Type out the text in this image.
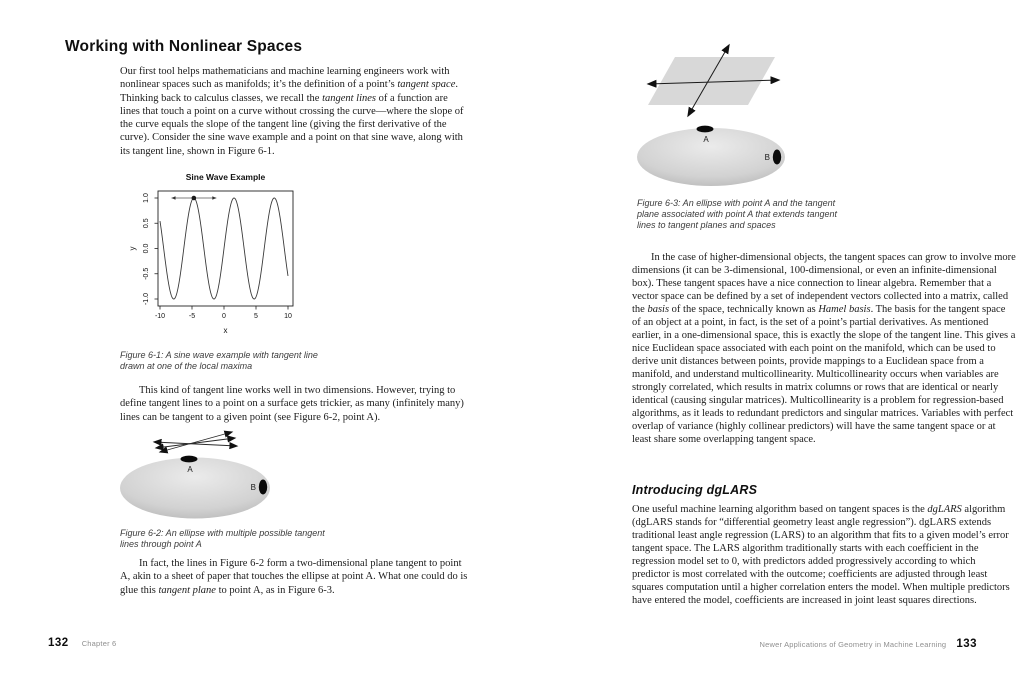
Working with Nonlinear Spaces

Our first tool helps mathematicians and machine learning engineers work with nonlinear spaces such as manifolds; it’s the definition of a point’s tangent space. Thinking back to calculus classes, we recall the tangent lines of a function are lines that touch a point on a curve without crossing the curve—where the slope of the curve equals the slope of the tangent line (giving the first derivative of the curve). Consider the sine wave example and a point on that sine wave, along with its tangent line, shown in Figure 6-1.

Sine Wave Example
-10	-5	0	5	10
-1.0
-0.5
0.0
0.5
1.0
x
y

Figure 6-1: A sine wave example with tangent line drawn at one of the local maxima

This kind of tangent line works well in two dimensions. However, trying to define tangent lines to a point on a surface gets trickier, as many (infinitely many) lines can be tangent to a given point (see Figure 6-2, point A).

A
B

Figure 6-2: An ellipse with multiple possible tangent lines through point A

In fact, the lines in Figure 6-2 form a two-dimensional plane tangent to point A, akin to a sheet of paper that touches the ellipse at point A. What one could do is glue this tangent plane to point A, as in Figure 6-3.

132 Chapter 6
A
B

Figure 6-3: An ellipse with point A and the tangent plane associated with point A that extends tangent lines to tangent planes and spaces

In the case of higher-dimensional objects, the tangent spaces can grow to involve more dimensions (it can be 3-dimensional, 100-dimensional, or even an infinite-dimensional box). These tangent spaces have a nice connection to linear algebra. Remember that a vector space can be defined by a set of independent vectors collected into a matrix, called the basis of the space, technically known as Hamel basis. The basis for the tangent space of an object at a point, in fact, is the set of a point’s partial derivatives. As mentioned earlier, in a one-dimensional space, this is exactly the slope of the tangent line. This gives a nice Euclidean space associated with each point on the manifold, which can be used to derive unit distances between points, provide mappings to a Euclidean space from a manifold, and understand multicollinearity. Multicollinearity occurs when variables are strongly correlated, which results in matrix columns or rows that are identical or nearly identical (causing singular matrices). Multicollinearity is a problem for regression-based algorithms, as it leads to redundant predictors and singular matrices. Variables with perfect overlap of variance (highly collinear predictors) will have the same tangent space or at least share some overlapping tangent space.

Introducing dgLARS

One useful machine learning algorithm based on tangent spaces is the dgLARS algorithm (dgLARS stands for “differential geometry least angle regression”). dgLARS extends traditional least angle regression (LARS) to an algorithm that fits to a given model’s error tangent space. The LARS algorithm traditionally starts with each coefficient in the regression model set to 0, with predictors added progressively according to which predictor is most correlated with the outcome; coefficients are adjusted through least squares computation until a higher correlation enters the model. When multiple predictors have entered the model, coefficients are increased in joint least squares directions.

Newer Applications of Geometry in Machine Learning 133
